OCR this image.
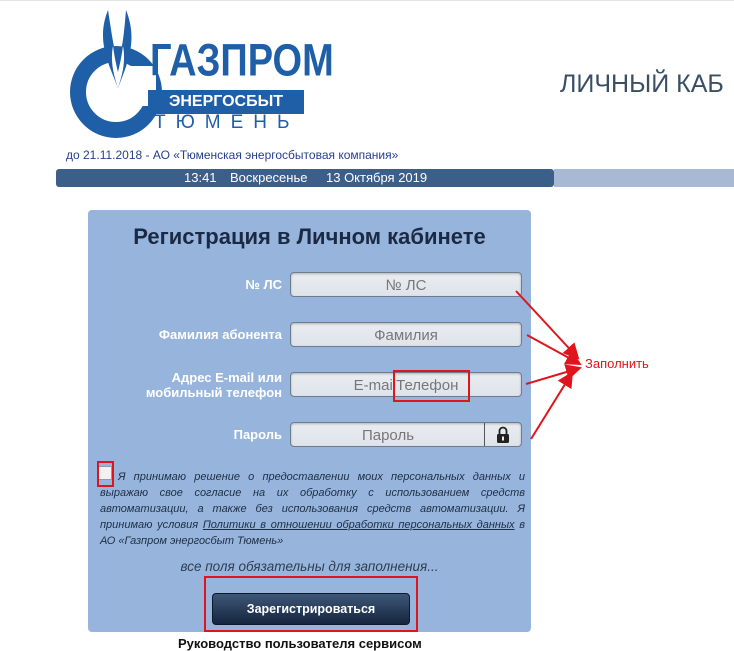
ГАЗПРОМ
ЭНЕРГОСБЫТ
ТЮМЕНЬ
ЛИЧНЫЙ КАБ
до 21.11.2018 - АО «Тюменская энергосбытовая компания»
13:41 Воскресенье 13 Октября 2019
Регистрация в Личном кабинете
№ ЛС	№ ЛС
Фамилия абонента	Фамилия
Адрес E-mail или
мобильный телефон	E-mailТелефон
Пароль	Пароль
Я принимаю решение о предоставлении моих персональных данных и выражаю свое согласие на их обработку с использованием средств автоматизации, а также без использования средств автоматизации. Я принимаю условия Политики в отношении обработки персональных данных в АО «Газпром энергосбыт Тюмень»
все поля обязательны для заполнения...
Зарегистрироваться
Руководство пользователя сервисом
Заполнить
